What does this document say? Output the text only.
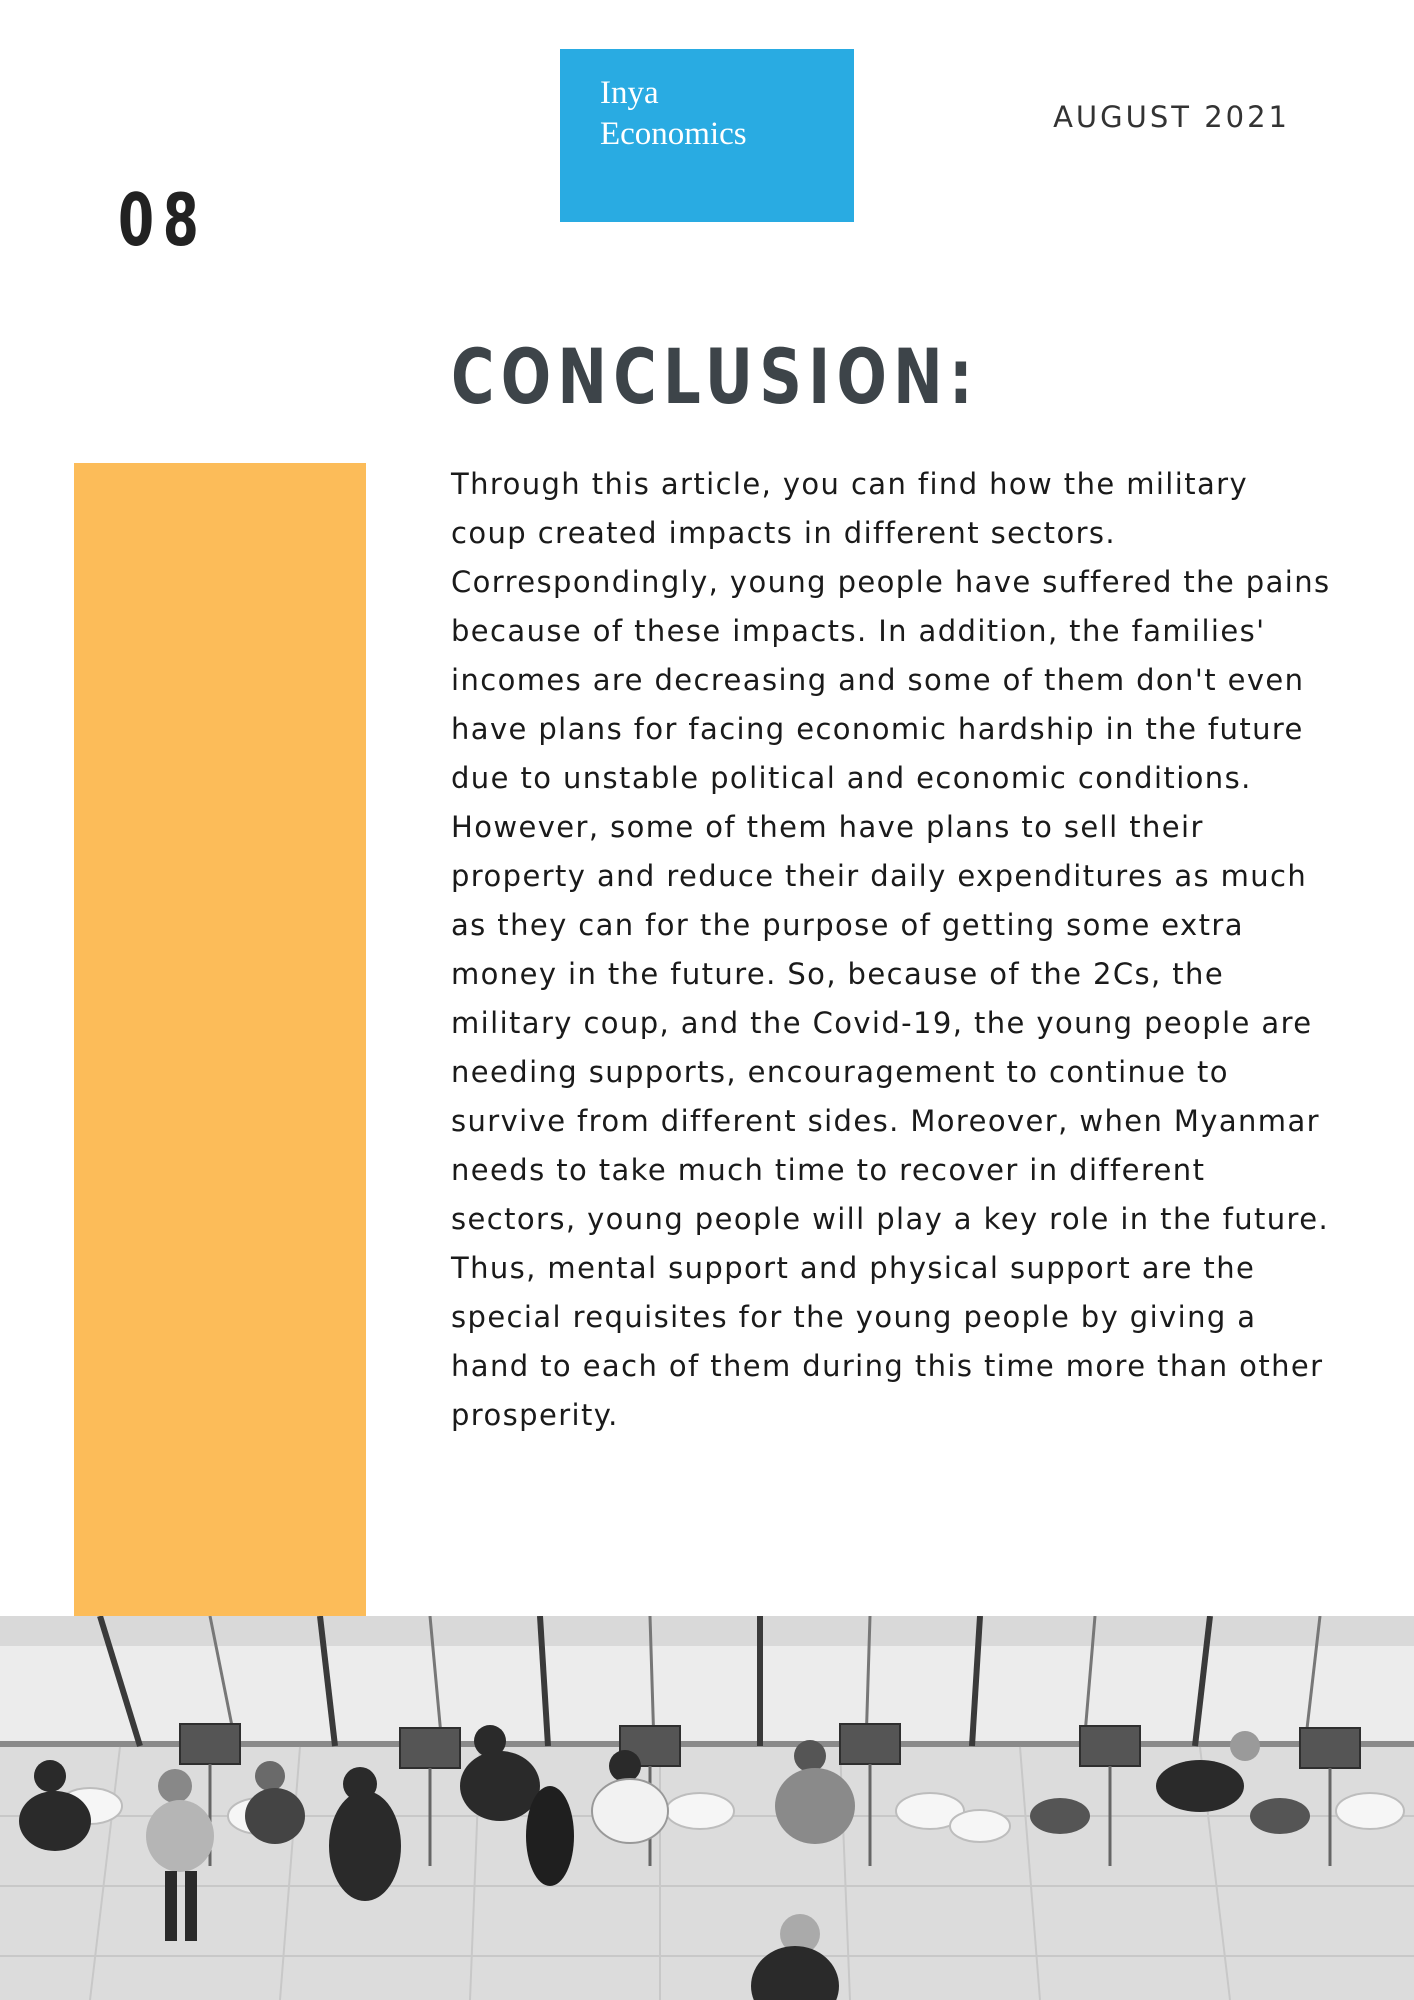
Inya
Economics	AUGUST 2021
08
CONCLUSION:

Through this article, you can find how the military coup created impacts in different sectors. Correspondingly, young people have suffered the pains because of these impacts. In addition, the families' incomes are decreasing and some of them don't even have plans for facing economic hardship in the future due to unstable political and economic conditions. However, some of them have plans to sell their property and reduce their daily expenditures as much as they can for the purpose of getting some extra money in the future. So, because of the 2Cs, the military coup, and the Covid-19, the young people are needing supports, encouragement to continue to survive from different sides. Moreover, when Myanmar needs to take much time to recover in different sectors, young people will play a key role in the future. Thus, mental support and physical support are the special requisites for the young people by giving a hand to each of them during this time more than other prosperity.
